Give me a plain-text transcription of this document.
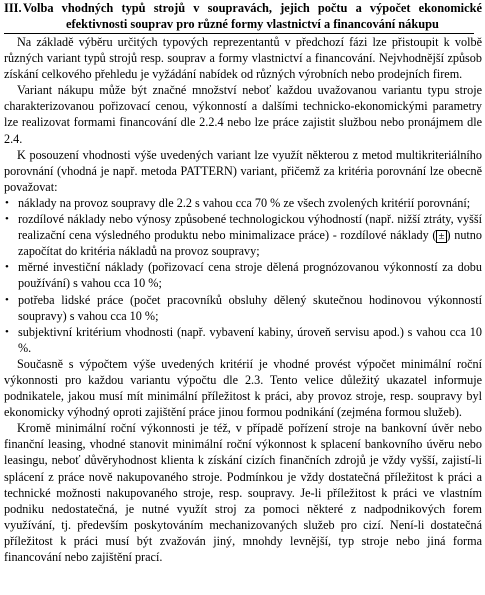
III. Volba vhodných typů strojů v soupravách, jejich počtu a výpočet ekonomické efektivnosti souprav pro různé formy vlastnictví a financování nákupu

Na základě výběru určitých typových reprezentantů v předchozí fázi lze přistoupit k volbě různých variant typů strojů resp. souprav a formy vlastnictví a financování. Nejvhodnější způsob získání celkového přehledu je vyžádání nabídek od různých výrobních nebo prodejních firem.

Variant nákupu může být značné množství neboť každou uvažovanou variantu typu stroje charakterizovanou pořizovací cenou, výkonností a dalšími technicko-ekonomickými parametry lze realizovat formami financování dle 2.2.4 nebo lze práce zajistit službou nebo pronájmem dle 2.4.

K posouzení vhodnosti výše uvedených variant lze využít některou z metod multikriteriálního porovnání (vhodná je např. metoda PATTERN) variant, přičemž za kritéria porovnání lze obecně považovat:

• náklady na provoz soupravy dle 2.2 s vahou cca 70 % ze všech zvolených kritérií porovnání;
• rozdílové náklady nebo výnosy způsobené technologickou výhodností (např. nižší ztráty, vyšší realizační cena výsledného produktu nebo minimalizace práce) - rozdílové náklady ( ± ) nutno započítat do kritéria nákladů na provoz soupravy;
• měrné investiční náklady (pořizovací cena stroje dělená prognózovanou výkonností za dobu používání) s vahou cca 10 %;
• potřeba lidské práce (počet pracovníků obsluhy dělený skutečnou hodinovou výkonností soupravy) s vahou cca 10 %;
• subjektivní kritérium vhodnosti (např. vybavení kabiny, úroveň servisu apod.) s vahou cca 10 %.

Současně s výpočtem výše uvedených kritérií je vhodné provést výpočet minimální roční výkonnosti pro každou variantu výpočtu dle 2.3. Tento velice důležitý ukazatel informuje podnikatele, jakou musí mít minimální příležitost k práci, aby provoz stroje, resp. soupravy byl ekonomicky výhodný oproti zajištění práce jinou formou podnikání (zejména formou služeb).

Kromě minimální roční výkonnosti je též, v případě pořízení stroje na bankovní úvěr nebo finanční leasing, vhodné stanovit minimální roční výkonnost k splacení bankovního úvěru nebo leasingu, neboť důvěryhodnost klienta k získání cizích finančních zdrojů je vždy vyšší, zajistí-li splácení z práce nově nakupovaného stroje. Podmínkou je vždy dostatečná příležitost k práci a technické možnosti nakupovaného stroje, resp. soupravy. Je-li příležitost k práci ve vlastním podniku nedostatečná, je nutné využít stroj za pomoci některé z nadpodnikových forem využívání, tj. především poskytováním mechanizovaných služeb pro cizí. Není-li dostatečná příležitost k práci musí být zvažován jiný, mnohdy levnější, typ stroje nebo jiná forma financování nebo zajištění prací.
